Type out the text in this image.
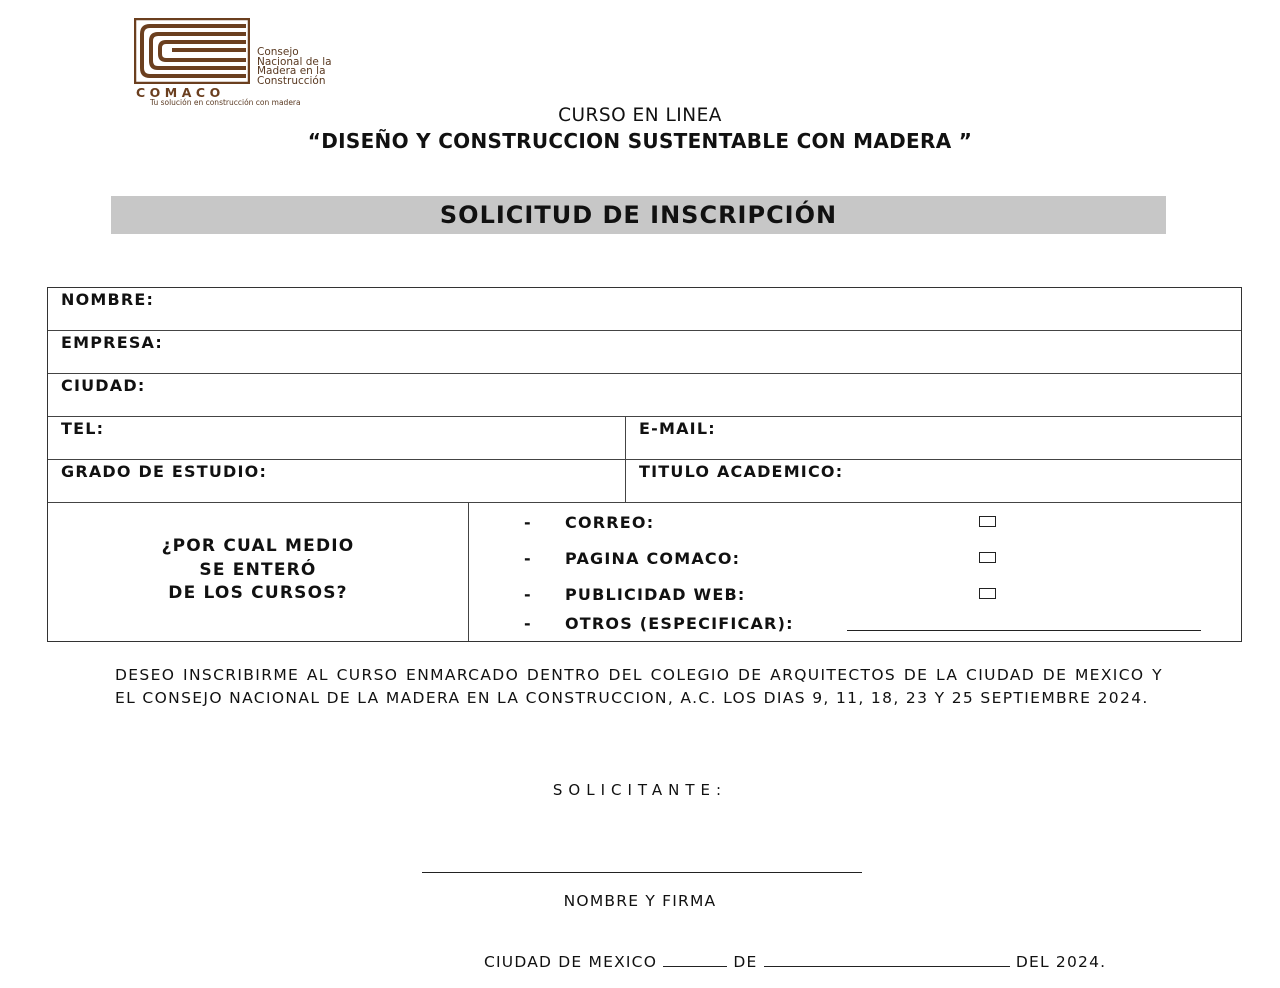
Consejo
Nacional de la
Madera en la
Construcción
COMACO
Tu solución en construcción con madera
CURSO EN LINEA
“DISEÑO Y CONSTRUCCION SUSTENTABLE CON MADERA ”
SOLICITUD DE INSCRIPCIÓN
NOMBRE:
EMPRESA:
CIUDAD:
TEL:	E-MAIL:
GRADO DE ESTUDIO:	TITULO ACADEMICO:
¿POR CUAL MEDIO
SE ENTERÓ
DE LOS CURSOS?
- CORREO:
- PAGINA COMACO:
- PUBLICIDAD WEB:
- OTROS (ESPECIFICAR):
DESEO INSCRIBIRME AL CURSO ENMARCADO DENTRO DEL COLEGIO DE ARQUITECTOS DE LA CIUDAD DE MEXICO Y EL CONSEJO NACIONAL DE LA MADERA EN LA CONSTRUCCION, A.C. LOS DIAS 9, 11, 18, 23 Y 25 SEPTIEMBRE 2024.
SOLICITANTE:
NOMBRE Y FIRMA
CIUDAD DE MEXICO	DE	DEL 2024.
